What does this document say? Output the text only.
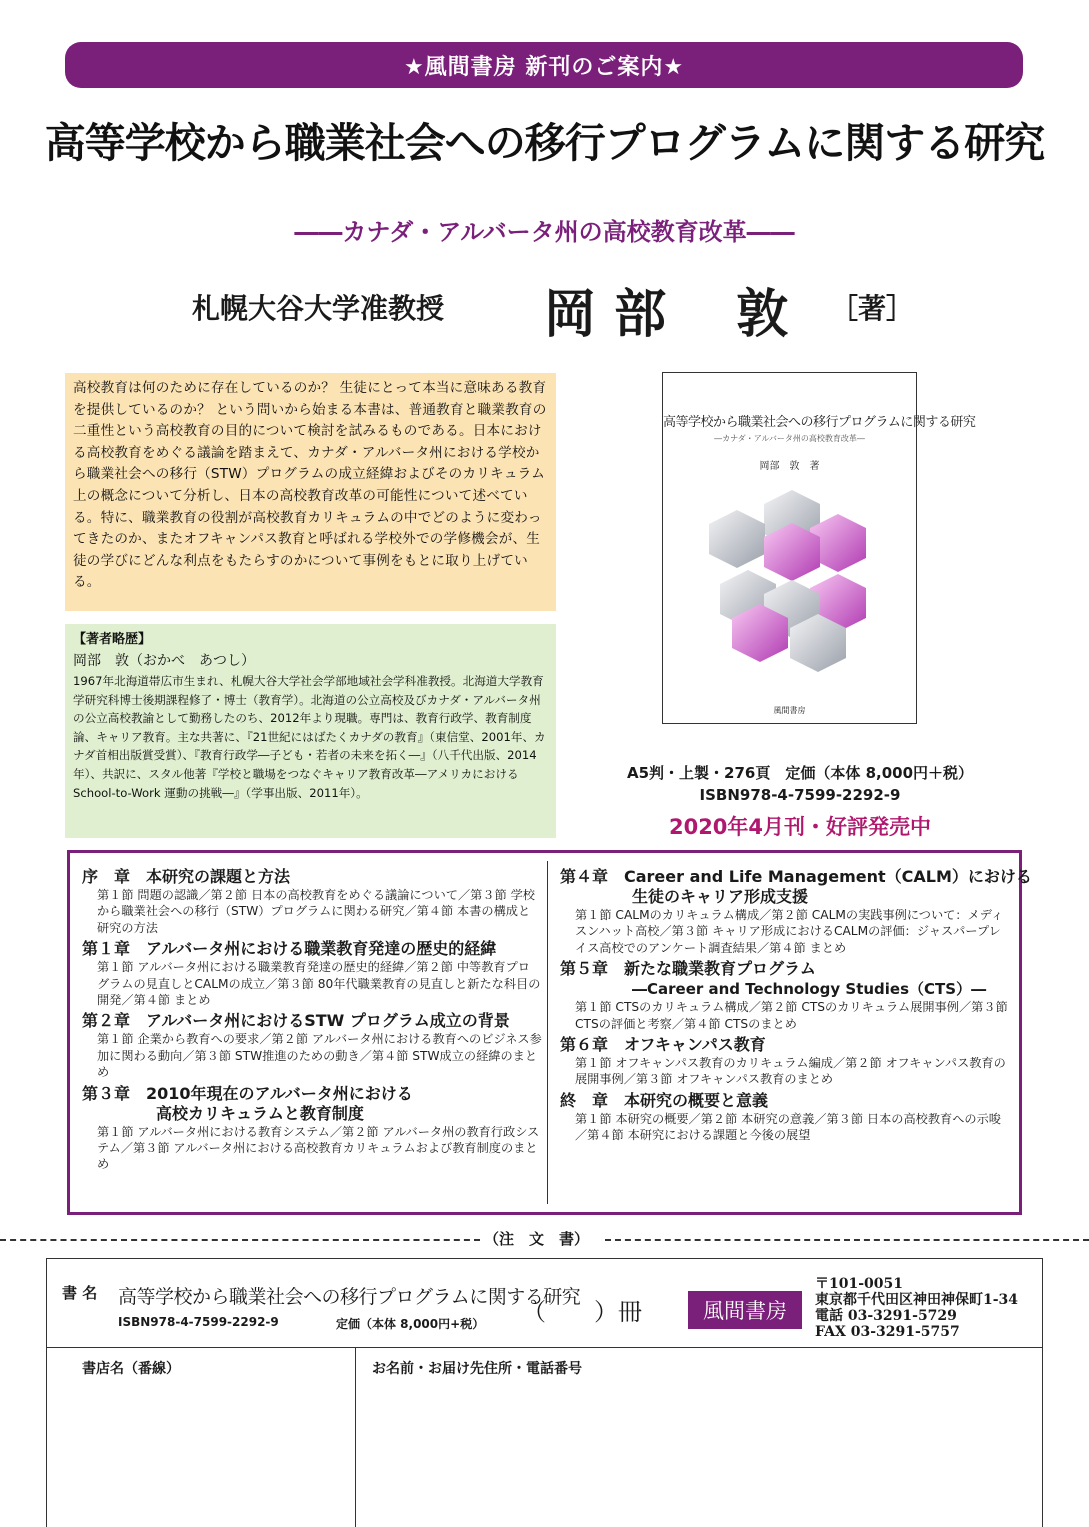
★風間書房 新刊のご案内★
高等学校から職業社会への移行プログラムに関する研究
――カナダ・アルバータ州の高校教育改革――
札幌大谷大学准教授 岡 部　 敦 ［著］
高校教育は何のために存在しているのか？ 生徒にとって本当に意味ある教育を提供しているのか？ という問いから始まる本書は、普通教育と職業教育の二重性という高校教育の目的について検討を試みるものである。日本における高校教育をめぐる議論を踏まえて、カナダ・アルバータ州における学校から職業社会への移行（STW）プログラムの成立経緯およびそのカリキュラム上の概念について分析し、日本の高校教育改革の可能性について述べている。特に、職業教育の役割が高校教育カリキュラムの中でどのように変わってきたのか、またオフキャンパス教育と呼ばれる学校外での学修機会が、生徒の学びにどんな利点をもたらすのかについて事例をもとに取り上げている。
【著者略歴】
岡部　敦（おかべ　あつし）
1967年北海道帯広市生まれ、札幌大谷大学社会学部地域社会学科准教授。北海道大学教育学研究科博士後期課程修了・博士（教育学）。北海道の公立高校及びカナダ・アルバータ州の公立高校教諭として勤務したのち、2012年より現職。専門は、教育行政学、教育制度論、キャリア教育。主な共著に、『21世紀にはばたくカナダの教育』（東信堂、2001年、カナダ首相出版賞受賞）、『教育行政学―子ども・若者の未来を拓く―』（八千代出版、2014年）、共訳に、スタル他著『学校と職場をつなぐキャリア教育改革―アメリカにおける School-to-Work 運動の挑戦―』（学事出版、2011年）。
高等学校から職業社会への移行プログラムに関する研究
―カナダ・アルバータ州の高校教育改革―
岡部　敦　著
風間書房
A5判・上製・276頁　定価（本体 8,000円＋税）
ISBN978-4-7599-2292-9
2020年4月刊・好評発売中
序　章　本研究の課題と方法
第１節 問題の認識／第２節 日本の高校教育をめぐる議論について／第３節 学校から職業社会への移行（STW）プログラムに関わる研究／第４節 本書の構成と研究の方法
第１章　アルバータ州における職業教育発達の歴史的経緯
第１節 アルバータ州における職業教育発達の歴史的経緯／第２節 中等教育プログラムの見直しとCALMの成立／第３節 80年代職業教育の見直しと新たな科目の開発／第４節 まとめ
第２章　アルバータ州におけるSTW プログラム成立の背景
第１節 企業から教育への要求／第２節 アルバータ州における教育へのビジネス参加に関わる動向／第３節 STW推進のための動き／第４節 STW成立の経緯のまとめ
第３章　2010年現在のアルバータ州における
高校カリキュラムと教育制度
第１節 アルバータ州における教育システム／第２節 アルバータ州の教育行政システム／第３節 アルバータ州における高校教育カリキュラムおよび教育制度のまとめ
第４章　Career and Life Management（CALM）における
生徒のキャリア形成支援
第１節 CALMのカリキュラム構成／第２節 CALMの実践事例について：メディスンハット高校／第３節 キャリア形成におけるCALMの評価：ジャスパープレイス高校でのアンケート調査結果／第４節 まとめ
第５章　新たな職業教育プログラム
―Career and Technology Studies（CTS）―
第１節 CTSのカリキュラム構成／第２節 CTSのカリキュラム展開事例／第３節 CTSの評価と考察／第４節 CTSのまとめ
第６章　オフキャンパス教育
第１節 オフキャンパス教育のカリキュラム編成／第２節 オフキャンパス教育の展開事例／第３節 オフキャンパス教育のまとめ
終　章　本研究の概要と意義
第１節 本研究の概要／第２節 本研究の意義／第３節 日本の高校教育への示唆／第４節 本研究における課題と今後の展望
（注　文　書）
書 名 高等学校から職業社会への移行プログラムに関する研究
ISBN978-4-7599-2292-9	定価（本体 8,000円+税） （　　）冊	風間書房
〒101-0051
東京都千代田区神田神保町1-34
電話 03-3291-5729
FAX 03-3291-5757
書店名（番線）	お名前・お届け先住所・電話番号
